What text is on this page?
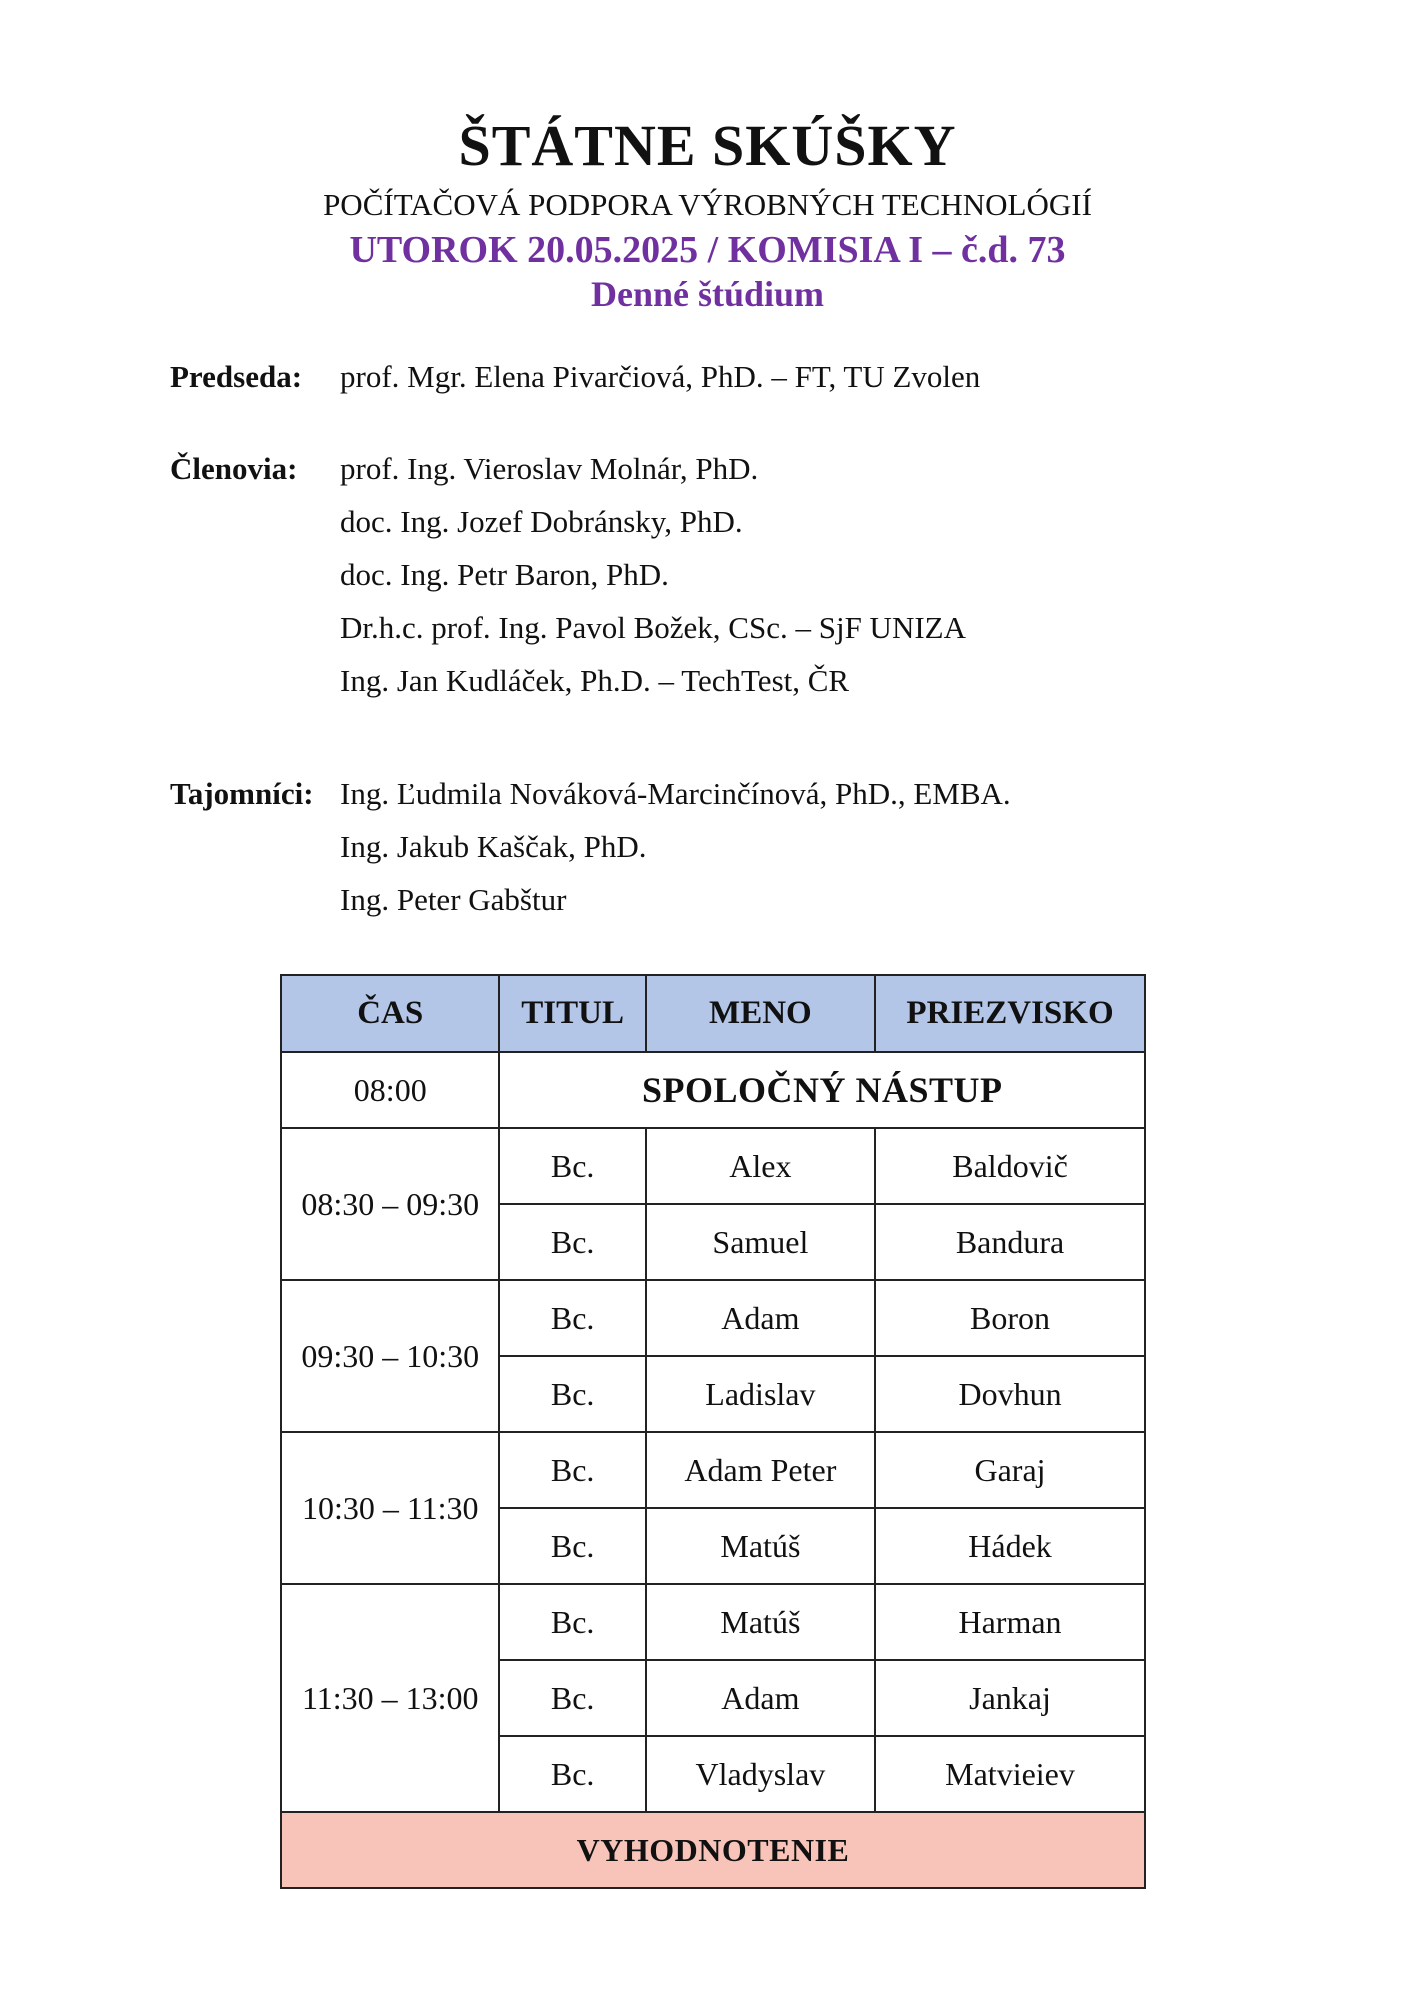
ŠTÁTNE SKÚŠKY
POČÍTAČOVÁ PODPORA VÝROBNÝCH TECHNOLÓGIÍ
UTOROK 20.05.2025 / KOMISIA I – č.d. 73
Denné štúdium
Predseda:	prof. Mgr. Elena Pivarčiová, PhD. – FT, TU Zvolen
Členovia:	prof. Ing. Vieroslav Molnár, PhD.
doc. Ing. Jozef Dobránsky, PhD.
doc. Ing. Petr Baron, PhD.
Dr.h.c. prof. Ing. Pavol Božek, CSc. – SjF UNIZA
Ing. Jan Kudláček, Ph.D. – TechTest, ČR
Tajomníci: Ing. Ľudmila Nováková-Marcinčínová, PhD., EMBA.
Ing. Jakub Kaščak, PhD.
Ing. Peter Gabštur
ČAS	TITUL	MENO	PRIEZVISKO
08:00	SPOLOČNÝ NÁSTUP		
08:30 – 09:30	Bc.	Alex	Baldovič
	Bc.	Samuel	Bandura
09:30 – 10:30	Bc.	Adam	Boron
	Bc.	Ladislav	Dovhun
10:30 – 11:30	Bc.	Adam Peter	Garaj
	Bc.	Matúš	Hádek
11:30 – 13:00	Bc.	Matúš	Harman
	Bc.	Adam	Jankaj
	Bc.	Vladyslav	Matvieiev
VYHODNOTENIE			
